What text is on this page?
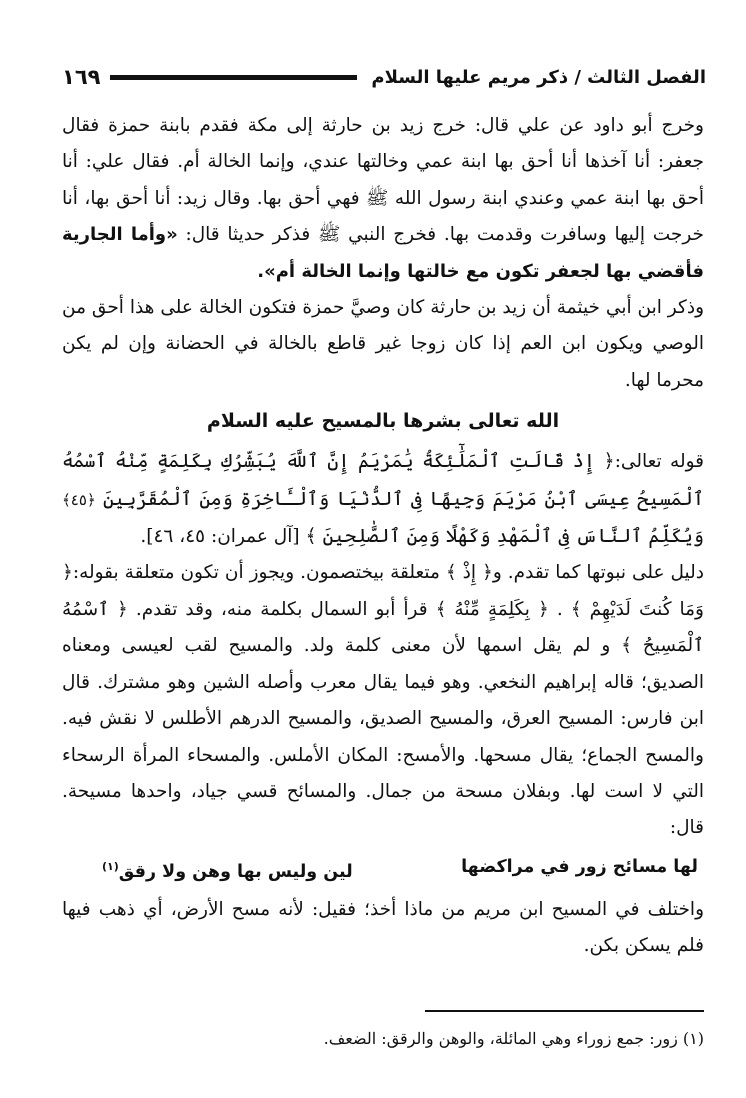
١٦٩	الفصل الثالث / ذكر مريم عليها السلام

وخرج أبو داود عن علي قال: خرج زيد بن حارثة إلى مكة فقدم بابنة حمزة فقال جعفر: أنا آخذها أنا أحق بها ابنة عمي وخالتها عندي، وإنما الخالة أم. فقال علي: أنا أحق بها ابنة عمي وعندي ابنة رسول الله ﷺ فهي أحق بها. وقال زيد: أنا أحق بها، أنا خرجت إليها وسافرت وقدمت بها. فخرج النبي ﷺ فذكر حديثا قال: «وأما الجارية فأقضي بها لجعفر تكون مع خالتها وإنما الخالة أم».

وذكر ابن أبي خيثمة أن زيد بن حارثة كان وصيَّ حمزة فتكون الخالة على هذا أحق من الوصي ويكون ابن العم إذا كان زوجا غير قاطع بالخالة في الحضانة وإن لم يكن محرما لها.

الله تعالى بشرها بالمسيح عليه السلام

قوله تعالى:﴿ إِذْ قَالَتِ ٱلْمَلَٰٓئِكَةُ يَٰمَرْيَمُ إِنَّ ٱللَّهَ يُبَشِّرُكِ بِكَلِمَةٍ مِّنْهُ ٱسْمُهُ ٱلْمَسِيحُ عِيسَى ٱبْنُ مَرْيَمَ وَجِيهًا فِى ٱلدُّنْيَا وَٱلْـَٔاخِرَةِ وَمِنَ ٱلْمُقَرَّبِينَ ﴿٤٥﴾ وَيُكَلِّمُ ٱلنَّاسَ فِى ٱلْمَهْدِ وَكَهْلًا وَمِنَ ٱلصَّٰلِحِينَ ﴾ [آل عمران: ٤٥، ٤٦].

دليل على نبوتها كما تقدم. و﴿ إِذْ ﴾ متعلقة بيختصمون. ويجوز أن تكون متعلقة بقوله:﴿ وَمَا كُنتَ لَدَيْهِمْ ﴾ . ﴿ بِكَلِمَةٍ مِّنْهُ ﴾ قرأ أبو السمال بكلمة منه، وقد تقدم. ﴿ ٱسْمُهُ ٱلْمَسِيحُ ﴾ و لم يقل اسمها لأن معنى كلمة ولد. والمسيح لقب لعيسى ومعناه الصديق؛ قاله إبراهيم النخعي. وهو فيما يقال معرب وأصله الشين وهو مشترك. قال ابن فارس: المسيح العرق، والمسيح الصديق، والمسيح الدرهم الأطلس لا نقش فيه. والمسح الجماع؛ يقال مسحها. والأمسح: المكان الأملس. والمسحاء المرأة الرسحاء التي لا است لها. وبفلان مسحة من جمال. والمسائح قسي جياد، واحدها مسيحة. قال:

لها مسائح زور في مراكضها
لين وليس بها وهن ولا رقق$^{(١)}$

واختلف في المسيح ابن مريم من ماذا أخذ؛ فقيل: لأنه مسح الأرض، أي ذهب فيها فلم يسكن بكن.

(١) زور: جمع زوراء وهي المائلة، والوهن والرقق: الضعف.
